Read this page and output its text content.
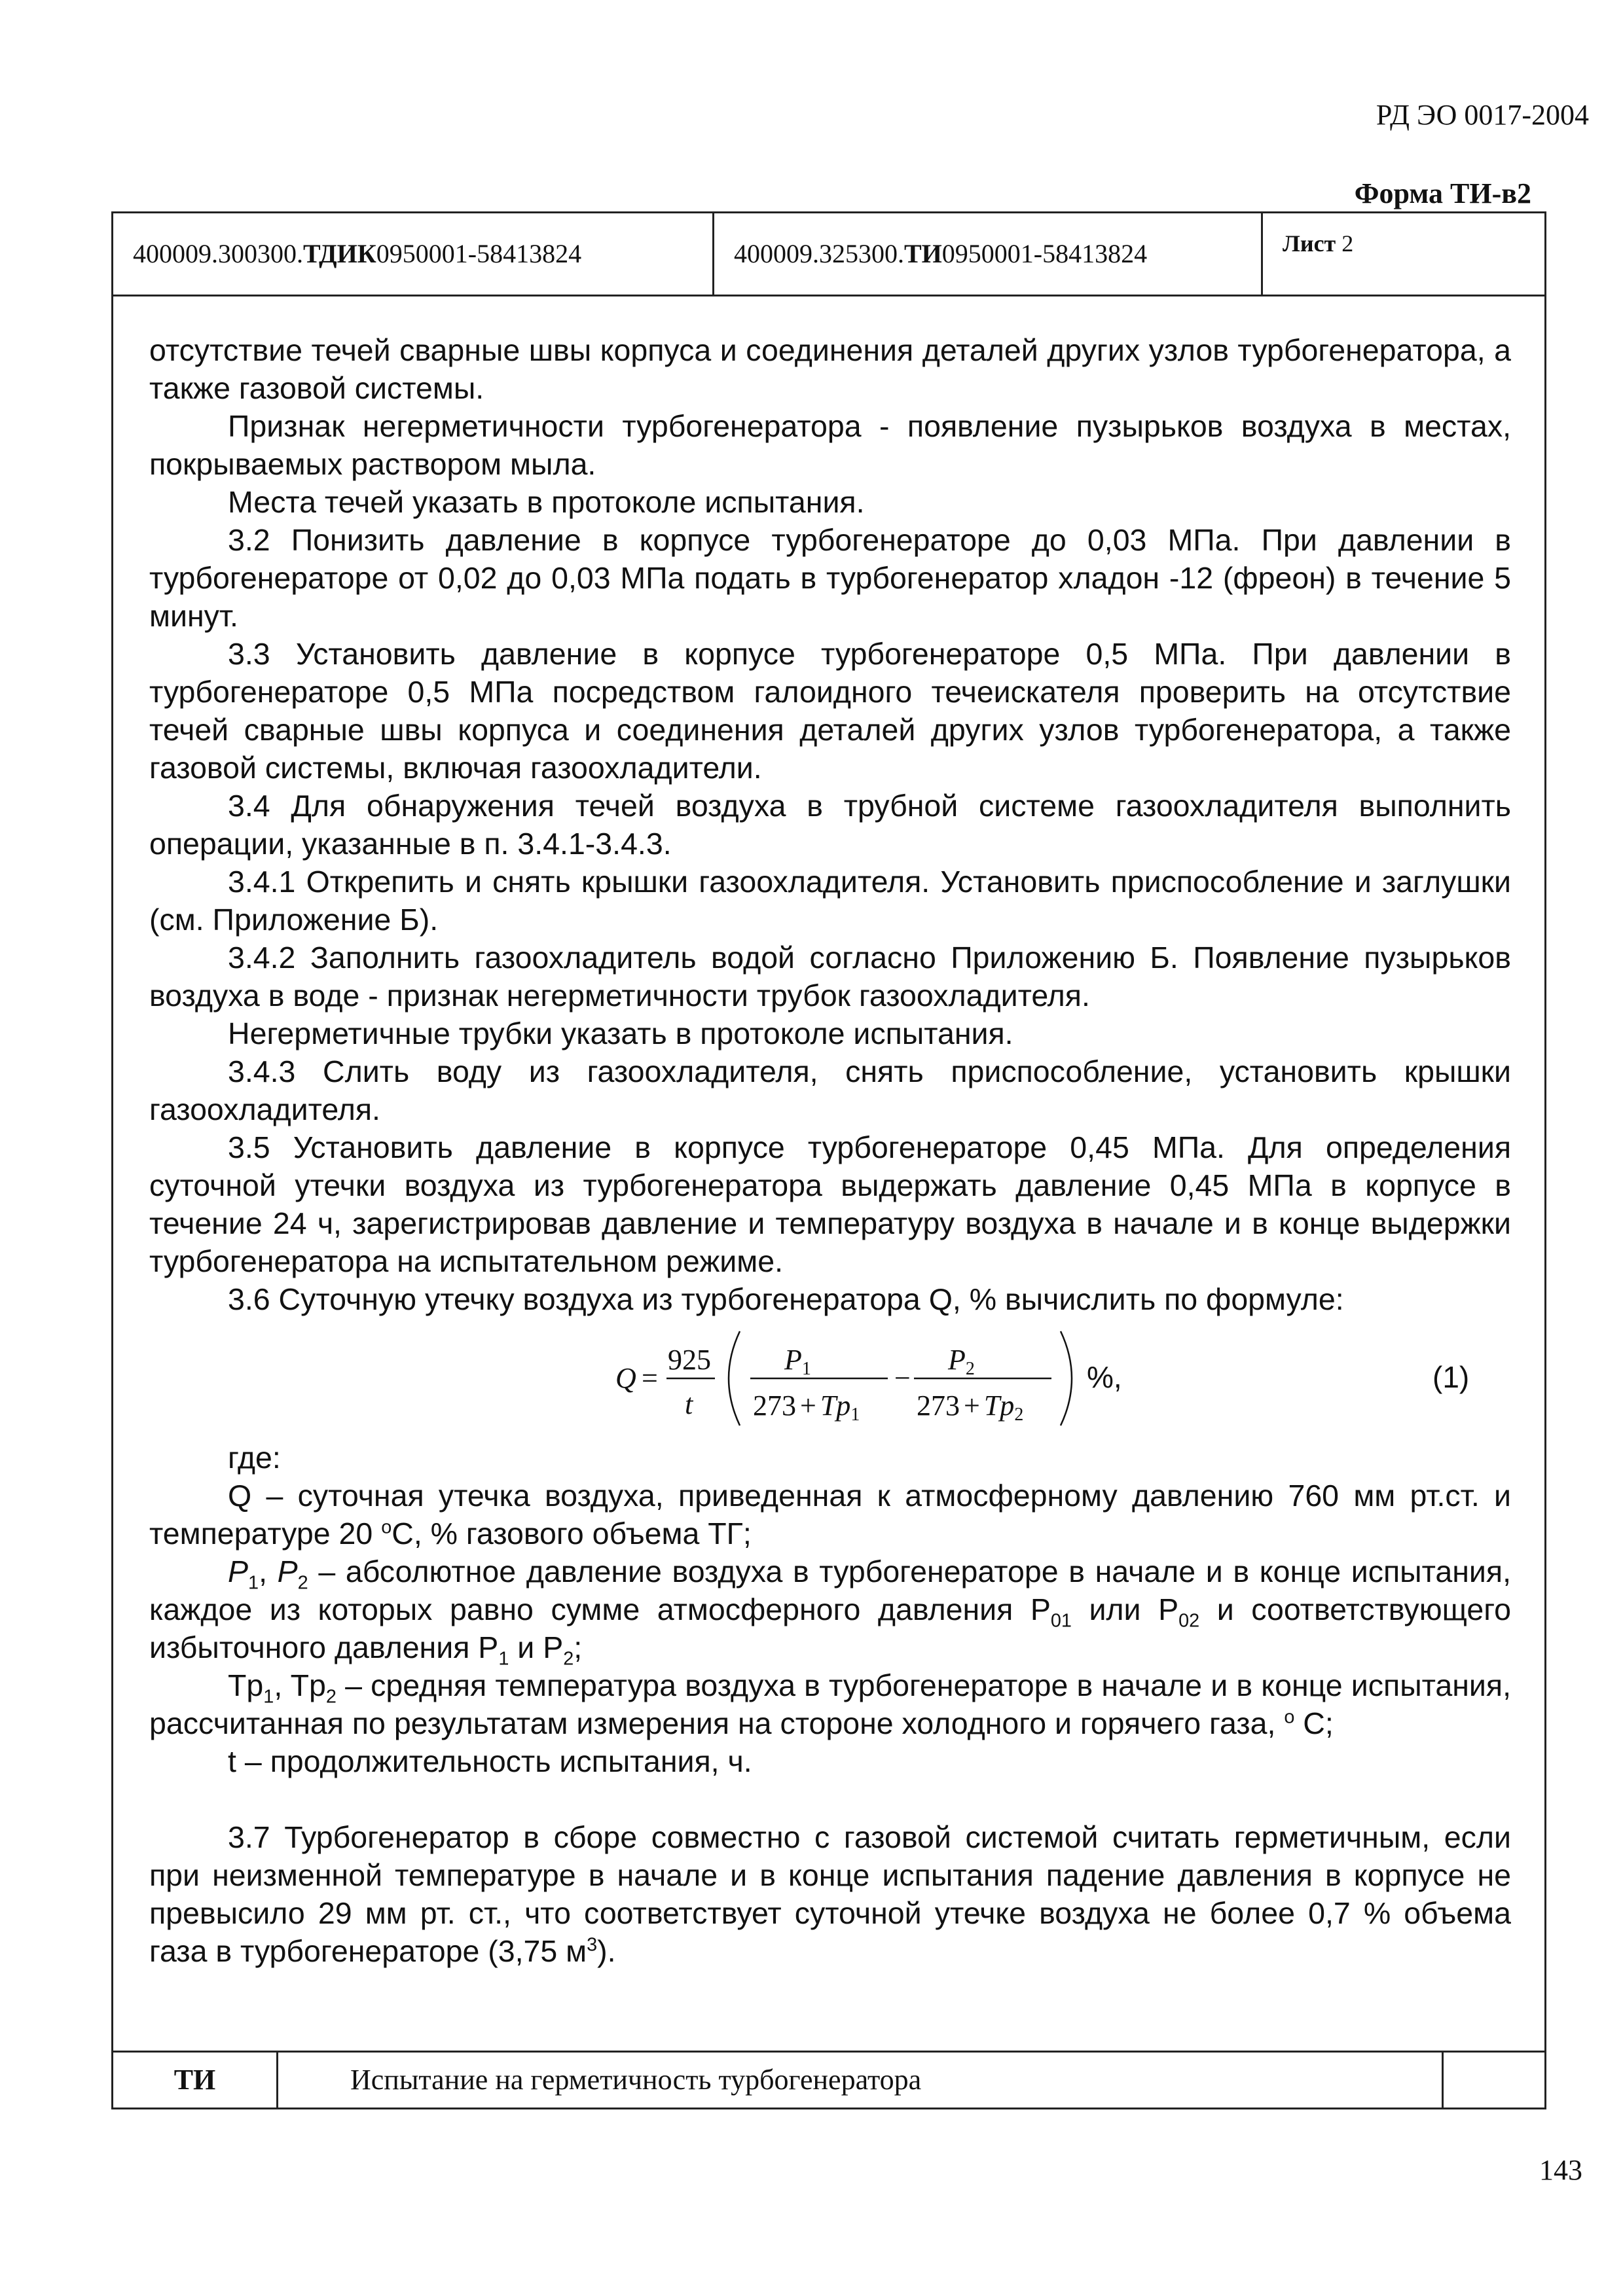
РД ЭО 0017-2004
Форма ТИ-в2
400009.300300.ТДИК0950001-58413824	400009.325300.ТИ0950001-58413824	Лист 2

отсутствие течей сварные швы корпуса и соединения деталей других узлов турбогенератора, а также газовой системы.

Признак негерметичности турбогенератора - появление пузырьков воздуха в местах, покрываемых раствором мыла.

Места течей указать в протоколе испытания.

3.2 Понизить давление в корпусе турбогенераторе до 0,03 МПа. При давлении в турбогенераторе от 0,02 до 0,03 МПа подать в турбогенератор хладон -12 (фреон) в течение 5 минут.

3.3 Установить давление в корпусе турбогенераторе 0,5 МПа. При давлении в турбогенераторе 0,5 МПа посредством галоидного течеискателя проверить на отсутствие течей сварные швы корпуса и соединения деталей других узлов турбогенератора, а также газовой системы, включая газоохладители.

3.4 Для обнаружения течей воздуха в трубной системе газоохладителя выполнить операции, указанные в п. 3.4.1-3.4.3.

3.4.1 Открепить и снять крышки газоохладителя. Установить приспособление и заглушки (см. Приложение Б).

3.4.2 Заполнить газоохладитель водой согласно Приложению Б. Появление пузырьков воздуха в воде - признак негерметичности трубок газоохладителя.

Негерметичные трубки указать в протоколе испытания.

3.4.3 Слить воду из газоохладителя, снять приспособление, установить крышки газоохладителя.

3.5 Установить давление в корпусе турбогенераторе 0,45 МПа. Для определения суточной утечки воздуха из турбогенератора выдержать давление 0,45 МПа в корпусе в течение 24 ч, зарегистрировав давление и температуру воздуха в начале и в конце выдержки турбогенератора на испытательном режиме.

3.6 Суточную утечку воздуха из турбогенератора Q, % вычислить по формуле:

Q =
925
t
P1
273 + Tp1
−
P2
273 + Tp2
%,	(1)

где:

Q – суточная утечка воздуха, приведенная к атмосферному давлению 760 мм рт.ст. и температуре 20 $^о$С, % газового объема ТГ;

$P_1$, $P_2$ – абсолютное давление воздуха в турбогенераторе в начале и в конце испытания, каждое из которых равно сумме атмосферного давления $P_{01}$ или $P_{02}$ и соответствующего избыточного давления $P_1$ и $P_2$;

$Tp_1$, $Tp_2$ – средняя температура воздуха в турбогенераторе в начале и в конце испытания, рассчитанная по результатам измерения на стороне холодного и горячего газа, $^o$ С;

t – продолжительность испытания, ч.

3.7 Турбогенератор в сборе совместно с газовой системой считать герметичным, если при неизменной температуре в начале и в конце испытания падение давления в корпусе не превысило 29 мм рт. ст., что соответствует суточной утечке воздуха не более 0,7 % объема газа в турбогенераторе (3,75 $м^3$).

ТИ	Испытание на герметичность турбогенератора
143
